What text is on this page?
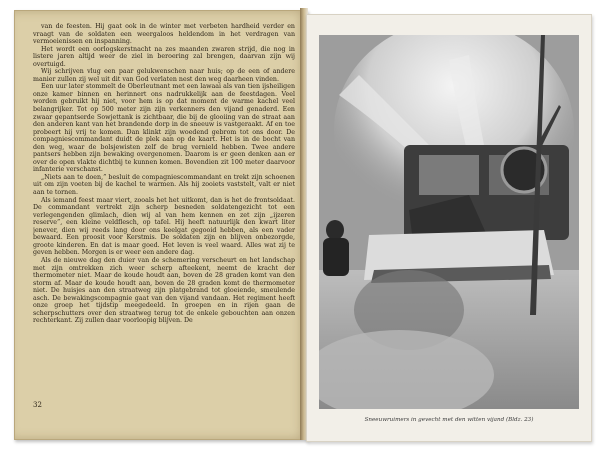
van de feesten. Hij gaat ook in de winter met verbeten hardheid verder en vraagt van de soldaten een weergaloos heldendom in het verdragen van vermoeienissen en inspanning.

Het wordt een oorlogskerstnacht na zes maanden zwaren strijd, die nog in listere jaren altijd weer de ziel in beroering zal brengen, daarvan zijn wij overtuigd.

Wij schrijven vlug een paar gelukwenschen naar huis; op de een of andere manier zullen zij wel uit dit van God verlaten nest den weg daarheen vinden.

Een uur later stommelt de Oberleutnant met een lawaai als van tien ijsheiligen onze kamer binnen en herinnert ons nadrukkelijk aan de feestdagen. Veel worden gebruikt hij niet, voor hem is op dat moment de warme kachel veel belangrijker. Tot op 500 meter zijn zijn verkenners den vijand genaderd. Een zwaar gepantserde Sowjettank is zichtbaar, die bij de glooiing van de straat aan den anderen kant van het brandende dorp in de sneeuw is vastgeraakt. Af en toe probeert hij vrij te komen. Dan klinkt zijn woedend gebrom tot ons door. De compagniescommandant duidt de plek aan op de kaart. Het is in de bocht van den weg, waar de bolsjewisten zelf de brug vernield hebben. Twee andere pantsers hebben zijn bewaking overgenomen. Daarom is er geen denken aan er over de open vlakte dichtbij te kunnen komen. Bovendien zit 100 meter daarvoor infanterie verschanst.

„Niets aan te doen,” besluit de compagniescommandant en trekt zijn schoenen uit om zijn voeten bij de kachel te warmen. Als hij zooiets vaststelt, valt er niet aan te tornen.

Als iemand feest maar viert, zooals het het uitkomt, dan is het de frontsoldaat. De commandant vertrekt zijn scherp besneden soldatengezicht tot een verlegengenden glimlach, dien wij al van hem kennen en zet zijn „ijzeren reserve”, een kleine veldflesch, op tafel. Hij heeft natuurlijk den kwart liter jenever, dien wij reeds lang door ons keelgat gegooid hebben, als een vader bewaard. Een proosit voor Kerstmis. De soldaten zijn en blijven onbezorgde, groote kinderen. En dat is maar goed. Het leven is veel waard. Alles wat zij te geven hebben. Morgen is er weer een andere dag.

Als de nieuwe dag den duier van de schemering verscheurt en het landschap met zijn omtrekken zich weer scherp afteekent, neemt de kracht der thermometer niet. Maar de koude houdt aan, boven de 28 graden komt van den storm af. Maar de koude houdt aan, boven de 28 graden komt de thermometer niet. De huisjes aan den straatweg zijn platgebrand tot gloeiende, smeulende asch. De bewakingscompagnie gaat van den vijand vandaan. Het regiment heeft onze groep het tijdstip meegedeeld. In groepen en in rijen gaan de scherpschutters over den straatweg terug tot de enkele gebouchten aan onzen rechterkant. Zij zullen daar voorloopig blijven. De

32
Sneeuwruimers in gevecht met den witten vijand (Bldz. 23)
